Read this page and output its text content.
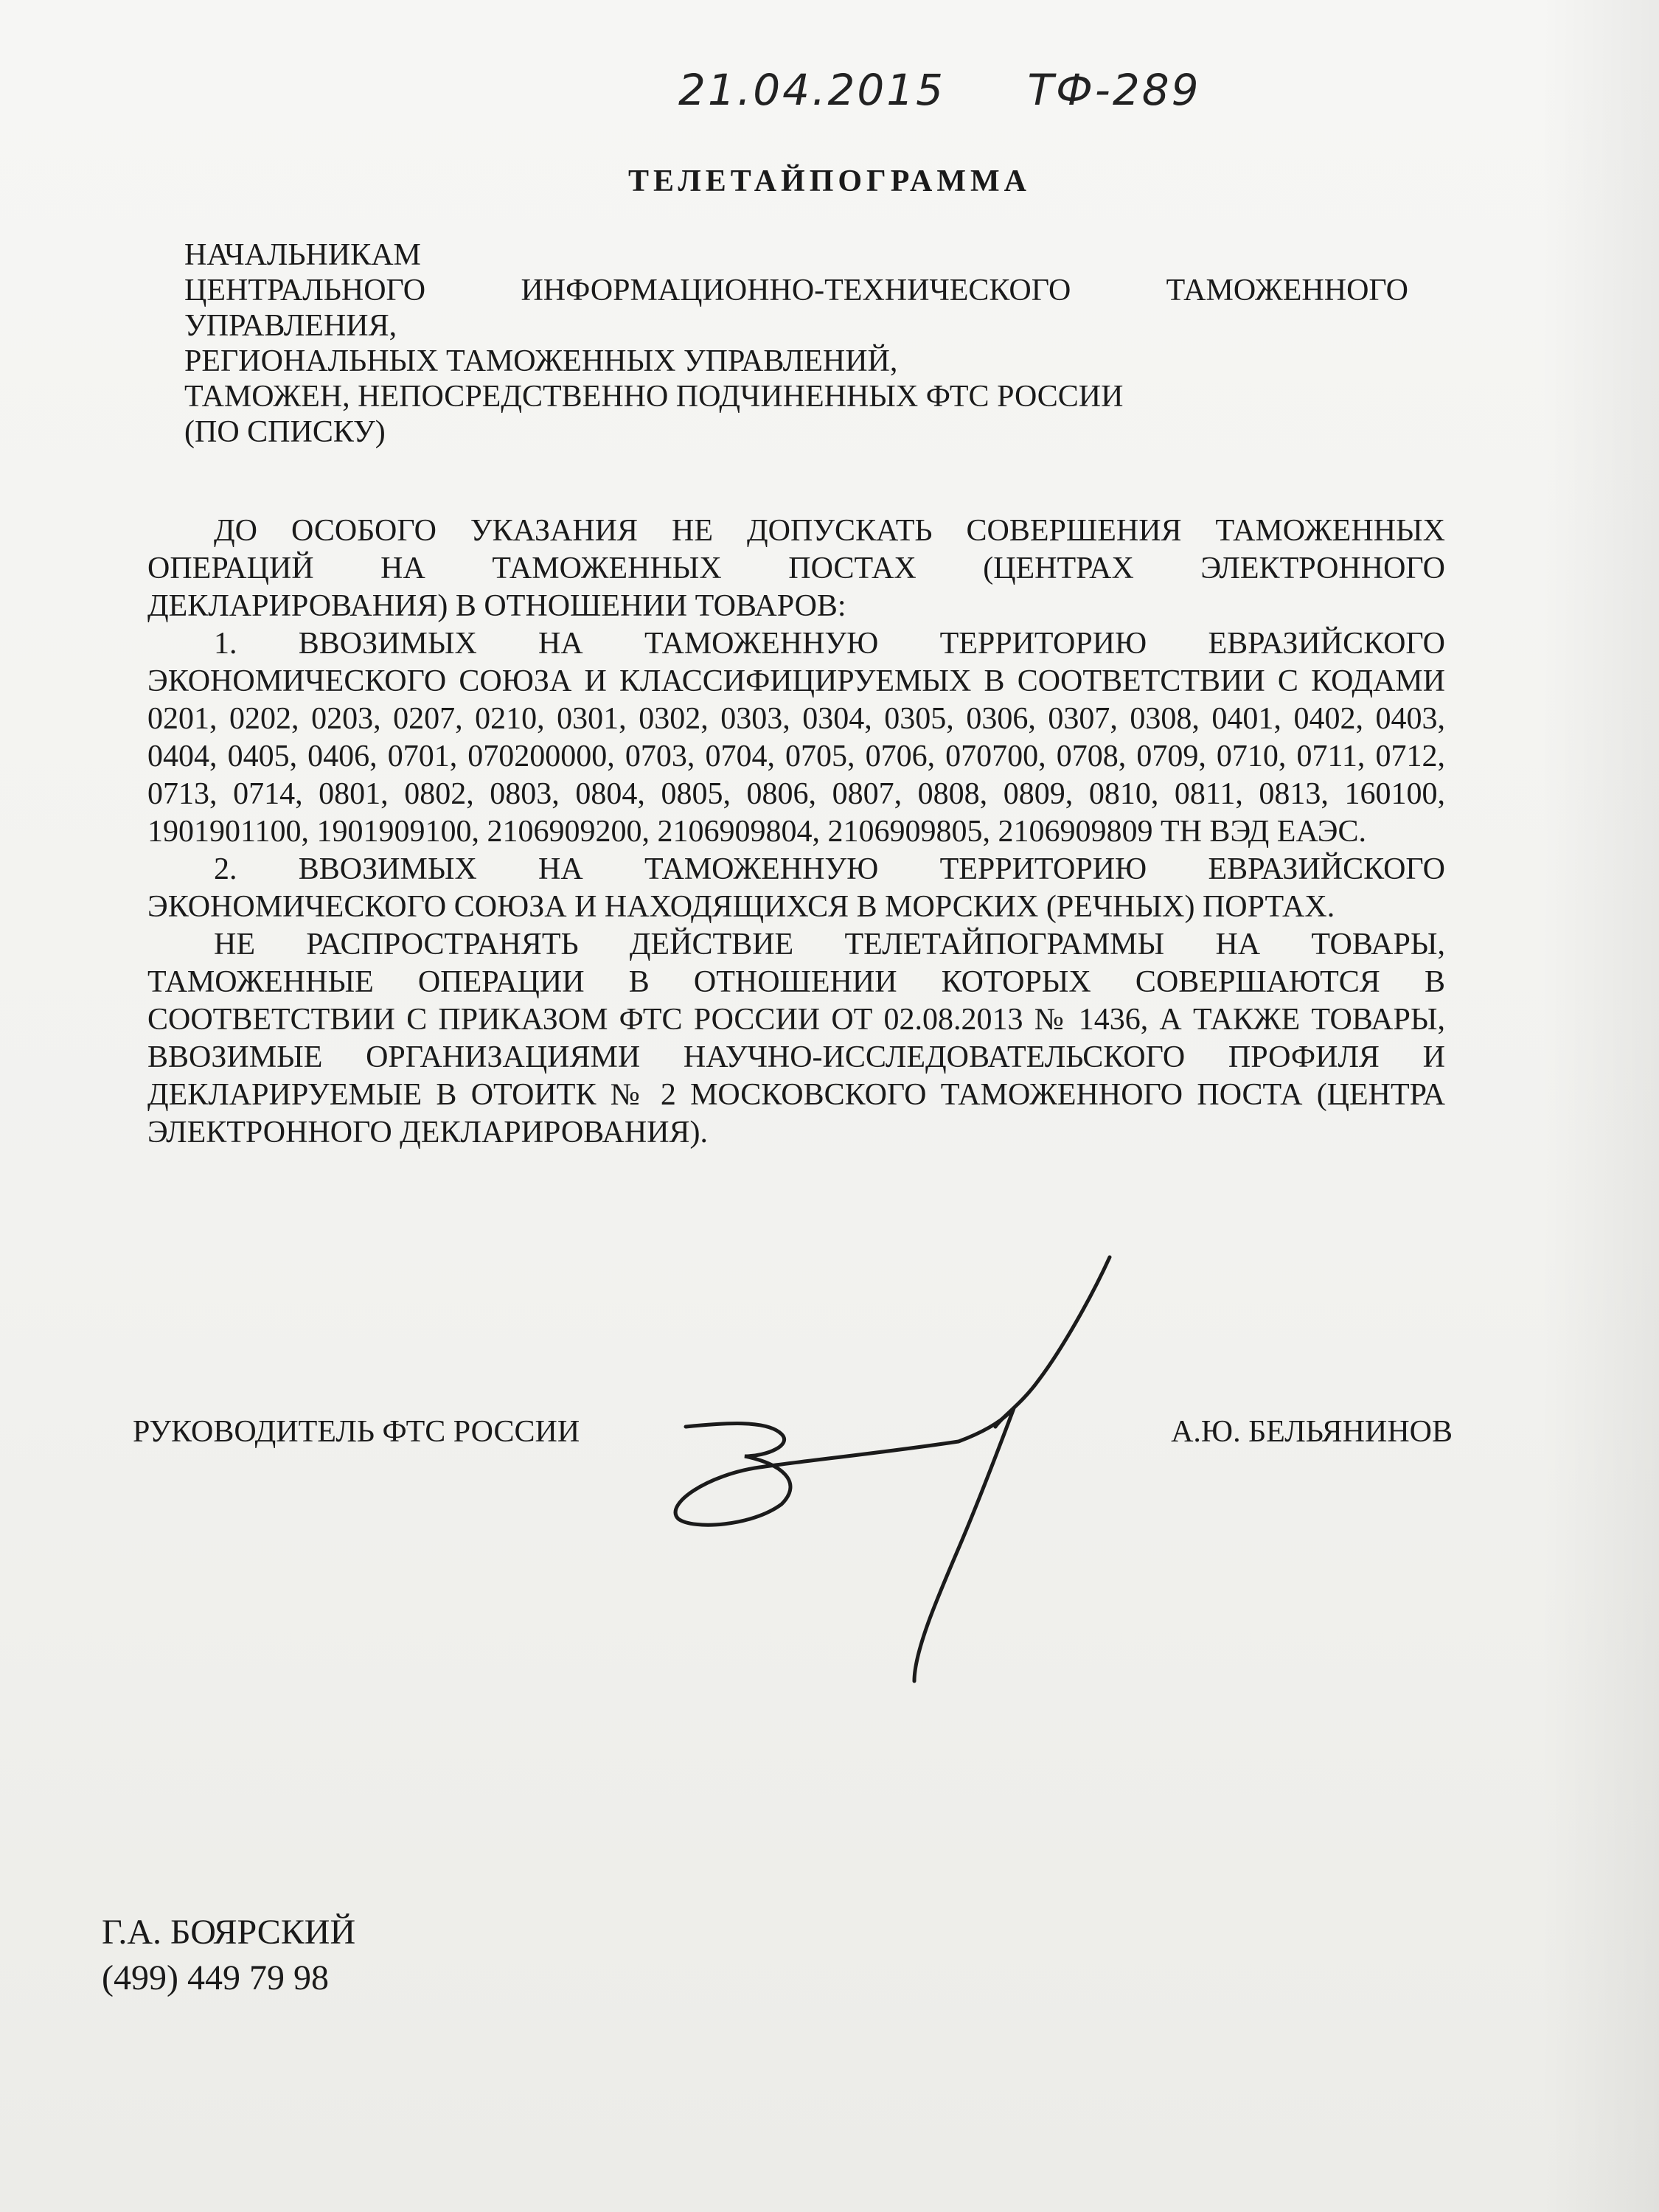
21.04.2015 ТФ-289
ТЕЛЕТАЙПОГРАММА
НАЧАЛЬНИКАМ
ЦЕНТРАЛЬНОГО ИНФОРМАЦИОННО-ТЕХНИЧЕСКОГО ТАМОЖЕННОГО
УПРАВЛЕНИЯ,
РЕГИОНАЛЬНЫХ ТАМОЖЕННЫХ УПРАВЛЕНИЙ,
ТАМОЖЕН, НЕПОСРЕДСТВЕННО ПОДЧИНЕННЫХ ФТС РОССИИ
(ПО СПИСКУ)

ДО ОСОБОГО УКАЗАНИЯ НЕ ДОПУСКАТЬ СОВЕРШЕНИЯ ТАМОЖЕННЫХ ОПЕРАЦИЙ НА ТАМОЖЕННЫХ ПОСТАХ (ЦЕНТРАХ ЭЛЕКТРОННОГО ДЕКЛАРИРОВАНИЯ) В ОТНОШЕНИИ ТОВАРОВ:

1. ВВОЗИМЫХ НА ТАМОЖЕННУЮ ТЕРРИТОРИЮ ЕВРАЗИЙСКОГО ЭКОНОМИЧЕСКОГО СОЮЗА И КЛАССИФИЦИРУЕМЫХ В СООТВЕТСТВИИ С КОДАМИ 0201, 0202, 0203, 0207, 0210, 0301, 0302, 0303, 0304, 0305, 0306, 0307, 0308, 0401, 0402, 0403, 0404, 0405, 0406, 0701, 070200000, 0703, 0704, 0705, 0706, 070700, 0708, 0709, 0710, 0711, 0712, 0713, 0714, 0801, 0802, 0803, 0804, 0805, 0806, 0807, 0808, 0809, 0810, 0811, 0813, 160100, 1901901100, 1901909100, 2106909200, 2106909804, 2106909805, 2106909809 ТН ВЭД ЕАЭС.

2. ВВОЗИМЫХ НА ТАМОЖЕННУЮ ТЕРРИТОРИЮ ЕВРАЗИЙСКОГО ЭКОНОМИЧЕСКОГО СОЮЗА И НАХОДЯЩИХСЯ В МОРСКИХ (РЕЧНЫХ) ПОРТАХ.

НЕ РАСПРОСТРАНЯТЬ ДЕЙСТВИЕ ТЕЛЕТАЙПОГРАММЫ НА ТОВАРЫ, ТАМОЖЕННЫЕ ОПЕРАЦИИ В ОТНОШЕНИИ КОТОРЫХ СОВЕРШАЮТСЯ В СООТВЕТСТВИИ С ПРИКАЗОМ ФТС РОССИИ ОТ 02.08.2013 № 1436, А ТАКЖЕ ТОВАРЫ, ВВОЗИМЫЕ ОРГАНИЗАЦИЯМИ НАУЧНО-ИССЛЕДОВАТЕЛЬСКОГО ПРОФИЛЯ И ДЕКЛАРИРУЕМЫЕ В ОТОИТК № 2 МОСКОВСКОГО ТАМОЖЕННОГО ПОСТА (ЦЕНТРА ЭЛЕКТРОННОГО ДЕКЛАРИРОВАНИЯ).

РУКОВОДИТЕЛЬ ФТС РОССИИ	А.Ю. БЕЛЬЯНИНОВ
Г.А. БОЯРСКИЙ
(499) 449 79 98
